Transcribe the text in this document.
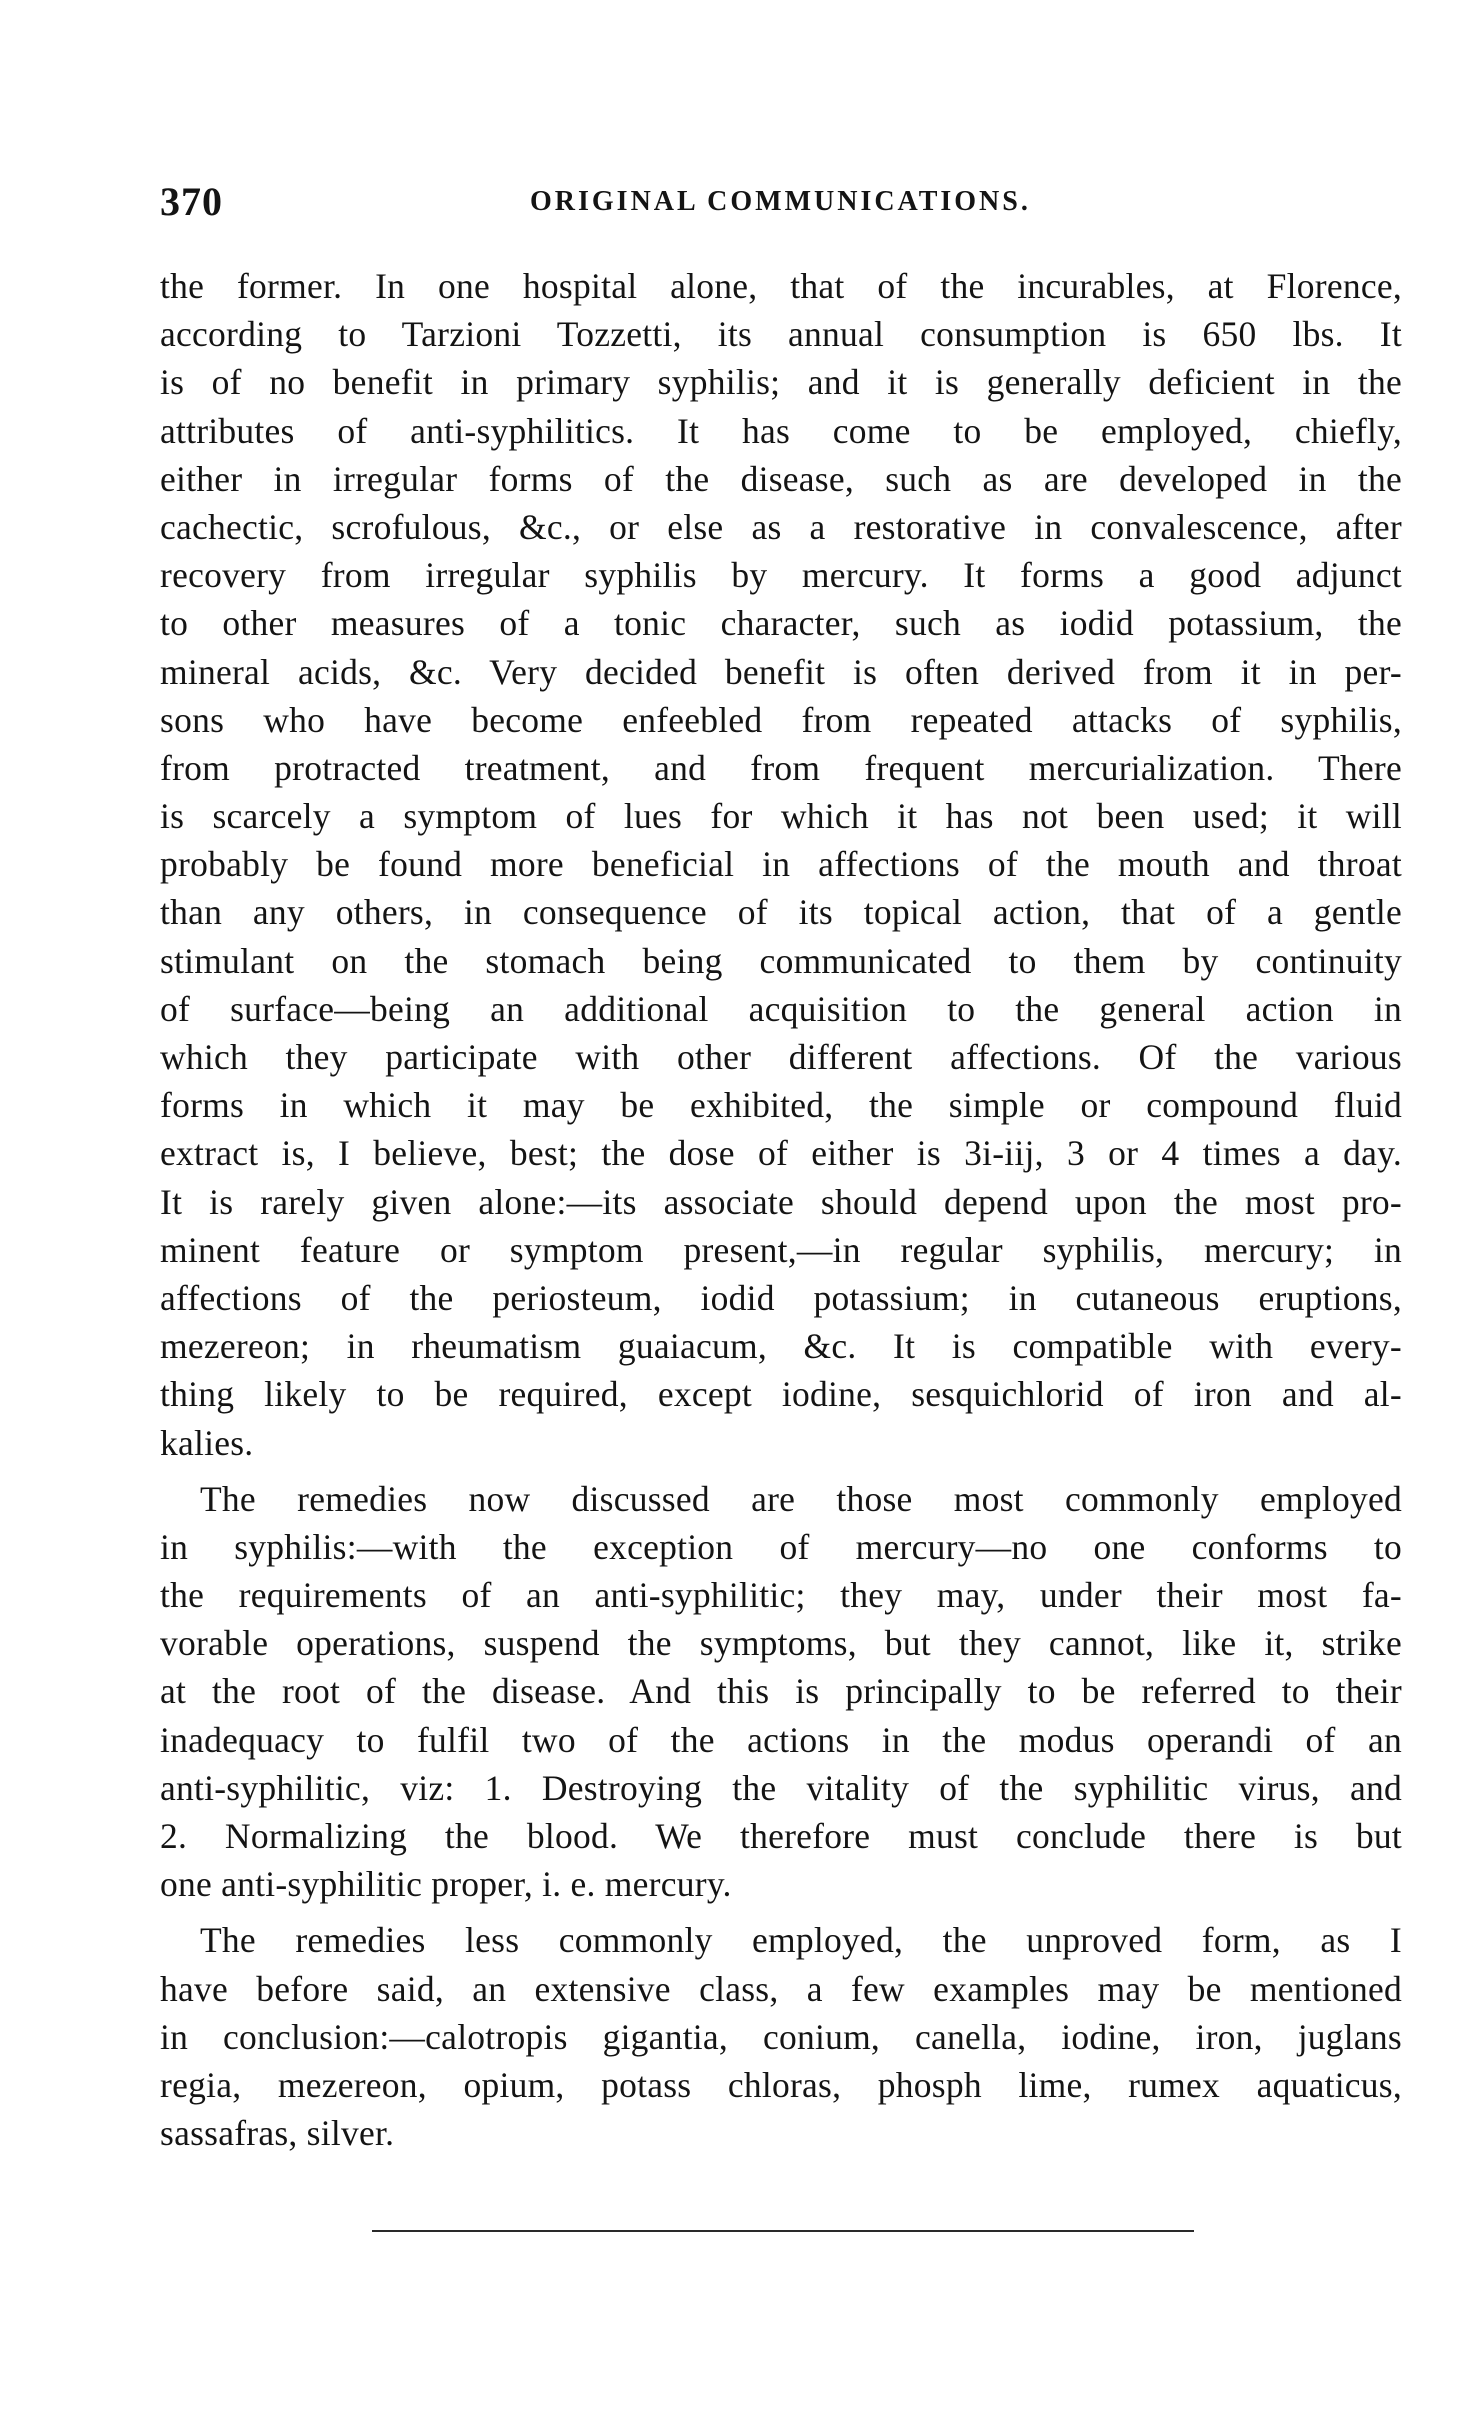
370	ORIGINAL COMMUNICATIONS.
the former. In one hospital alone, that of the incurables, at Florence,
according to Tarzioni Tozzetti, its annual consumption is 650 lbs. It
is of no benefit in primary syphilis; and it is generally deficient in the
attributes of anti-syphilitics. It has come to be employed, chiefly,
either in irregular forms of the disease, such as are developed in the
cachectic, scrofulous, &c., or else as a restorative in convalescence, after
recovery from irregular syphilis by mercury. It forms a good adjunct
to other measures of a tonic character, such as iodid potassium, the
mineral acids, &c. Very decided benefit is often derived from it in per-
sons who have become enfeebled from repeated attacks of syphilis,
from protracted treatment, and from frequent mercurialization. There
is scarcely a symptom of lues for which it has not been used; it will
probably be found more beneficial in affections of the mouth and throat
than any others, in consequence of its topical action, that of a gentle
stimulant on the stomach being communicated to them by continuity
of surface—being an additional acquisition to the general action in
which they participate with other different affections. Of the various
forms in which it may be exhibited, the simple or compound fluid
extract is, I believe, best; the dose of either is 3i-iij, 3 or 4 times a day.
It is rarely given alone:—its associate should depend upon the most pro-
minent feature or symptom present,—in regular syphilis, mercury; in
affections of the periosteum, iodid potassium; in cutaneous eruptions,
mezereon; in rheumatism guaiacum, &c. It is compatible with every-
thing likely to be required, except iodine, sesquichlorid of iron and al-
kalies.
The remedies now discussed are those most commonly employed
in syphilis:—with the exception of mercury—no one conforms to
the requirements of an anti-syphilitic; they may, under their most fa-
vorable operations, suspend the symptoms, but they cannot, like it, strike
at the root of the disease. And this is principally to be referred to their
inadequacy to fulfil two of the actions in the modus operandi of an
anti-syphilitic, viz: 1. Destroying the vitality of the syphilitic virus, and
2. Normalizing the blood. We therefore must conclude there is but
one anti-syphilitic proper, i. e. mercury.
The remedies less commonly employed, the unproved form, as I
have before said, an extensive class, a few examples may be mentioned
in conclusion:—calotropis gigantia, conium, canella, iodine, iron, juglans
regia, mezereon, opium, potass chloras, phosph lime, rumex aquaticus,
sassafras, silver.
